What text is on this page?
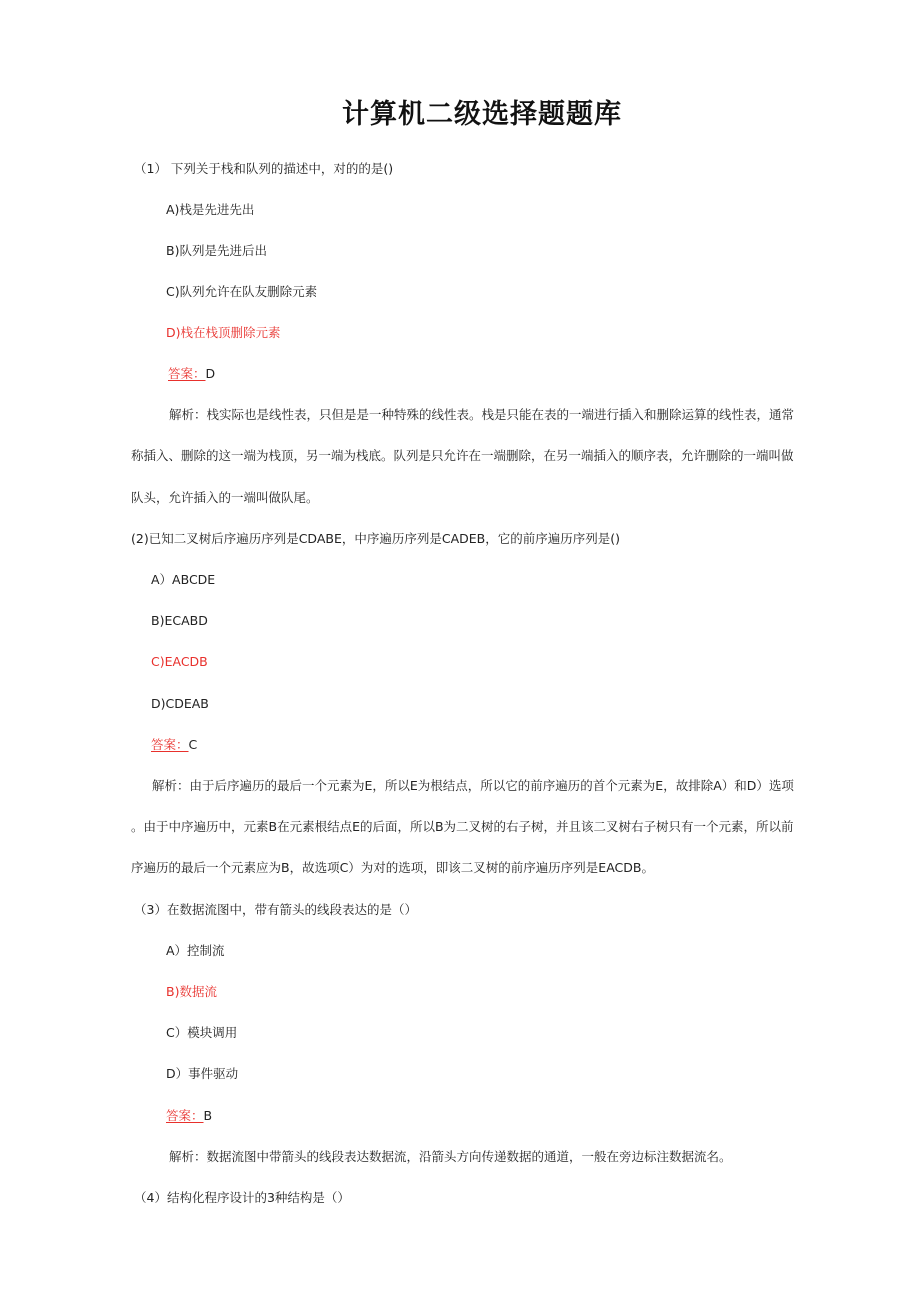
计算机二级选择题题库
（1） 下列关于栈和队列的描述中，对的的是()
A)栈是先进先出
B)队列是先进后出
C)队列允许在队友删除元素
D)栈在栈顶删除元素
答案：D
解析：栈实际也是线性表，只但是是一种特殊的线性表。栈是只能在表的一端进行插入和删除运算的线性表，通常
称插入、删除的这一端为栈顶，另一端为栈底。队列是只允许在一端删除，在另一端插入的顺序表，允许删除的一端叫做
队头，允许插入的一端叫做队尾。
(2)已知二叉树后序遍历序列是CDABE，中序遍历序列是CADEB，它的前序遍历序列是()
A）ABCDE
B)ECABD
C)EACDB
D)CDEAB
答案：C
解析：由于后序遍历的最后一个元素为E，所以E为根结点，所以它的前序遍历的首个元素为E，故排除A）和D）选项
。由于中序遍历中，元素B在元素根结点E的后面，所以B为二叉树的右子树，并且该二叉树右子树只有一个元素，所以前
序遍历的最后一个元素应为B，故选项C）为对的选项，即该二叉树的前序遍历序列是EACDB。
（3）在数据流图中，带有箭头的线段表达的是（）
A）控制流
B)数据流
C）模块调用
D）事件驱动
答案：B
解析：数据流图中带箭头的线段表达数据流，沿箭头方向传递数据的通道，一般在旁边标注数据流名。
（4）结构化程序设计的3种结构是（）
